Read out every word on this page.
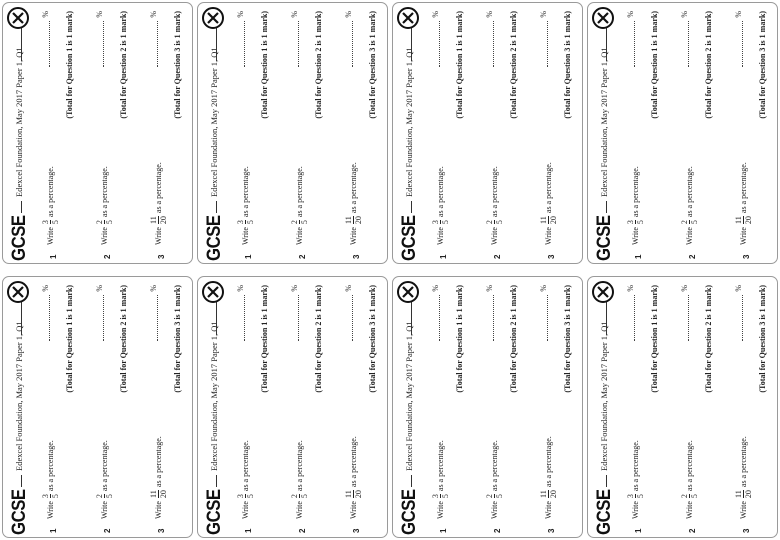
GCSE
Edexcel Foundation, May 2017 Paper 1, Q1
1
Write
3 5
as a percentage.
% (Total for Question 1 is 1 mark)
2
Write
2 5
as a percentage.
% (Total for Question 2 is 1 mark)
3
Write
11 20
as a percentage.
% (Total for Question 3 is 1 mark)
GCSE
Edexcel Foundation, May 2017 Paper 1, Q1
1
Write
3 5
as a percentage.
% (Total for Question 1 is 1 mark)
2
Write
2 5
as a percentage.
% (Total for Question 2 is 1 mark)
3
Write
11 20
as a percentage.
% (Total for Question 3 is 1 mark)
GCSE
Edexcel Foundation, May 2017 Paper 1, Q1
1
Write
3 5
as a percentage.
% (Total for Question 1 is 1 mark)
2
Write
2 5
as a percentage.
% (Total for Question 2 is 1 mark)
3
Write
11 20
as a percentage.
% (Total for Question 3 is 1 mark)
GCSE
Edexcel Foundation, May 2017 Paper 1, Q1
1
Write
3 5
as a percentage.
% (Total for Question 1 is 1 mark)
2
Write
2 5
as a percentage.
% (Total for Question 2 is 1 mark)
3
Write
11 20
as a percentage.
% (Total for Question 3 is 1 mark)
GCSE
Edexcel Foundation, May 2017 Paper 1, Q1
1
Write
3 5
as a percentage.
% (Total for Question 1 is 1 mark)
2
Write
2 5
as a percentage.
% (Total for Question 2 is 1 mark)
3
Write
11 20
as a percentage.
% (Total for Question 3 is 1 mark)
GCSE
Edexcel Foundation, May 2017 Paper 1, Q1
1
Write
3 5
as a percentage.
% (Total for Question 1 is 1 mark)
2
Write
2 5
as a percentage.
% (Total for Question 2 is 1 mark)
3
Write
11 20
as a percentage.
% (Total for Question 3 is 1 mark)
GCSE
Edexcel Foundation, May 2017 Paper 1, Q1
1
Write
3 5
as a percentage.
% (Total for Question 1 is 1 mark)
2
Write
2 5
as a percentage.
% (Total for Question 2 is 1 mark)
3
Write
11 20
as a percentage.
% (Total for Question 3 is 1 mark)
GCSE
Edexcel Foundation, May 2017 Paper 1, Q1
1
Write
3 5
as a percentage.
% (Total for Question 1 is 1 mark)
2
Write
2 5
as a percentage.
% (Total for Question 2 is 1 mark)
3
Write
11 20
as a percentage.
% (Total for Question 3 is 1 mark)
